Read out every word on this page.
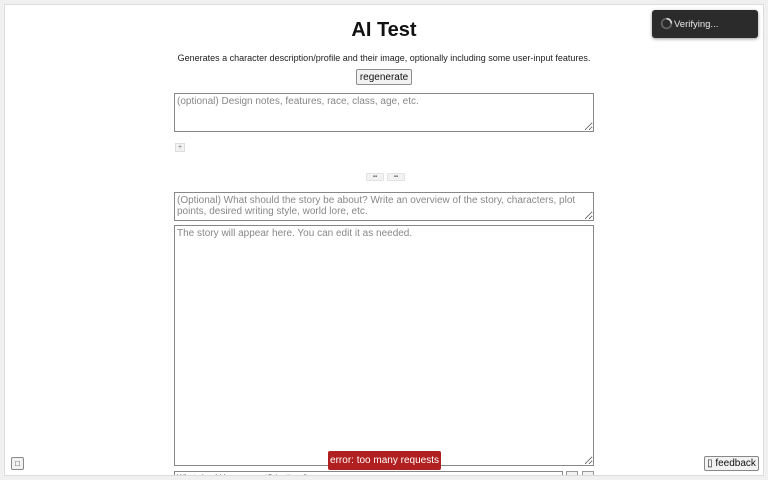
AI Test
Generates a character description/profile and their image, optionally including some user-input features.
regenerate
(optional) Design notes, features, race, class, age, etc.
+
▪▪	▪▪
(Optional) What should the story be about? Write an overview of the story, characters, plot points, desired writing style, world lore, etc.
The story will appear here. You can edit it as needed.
What should happen next? (optional)
error: too many requests
□	▯ feedback
Verifying...
